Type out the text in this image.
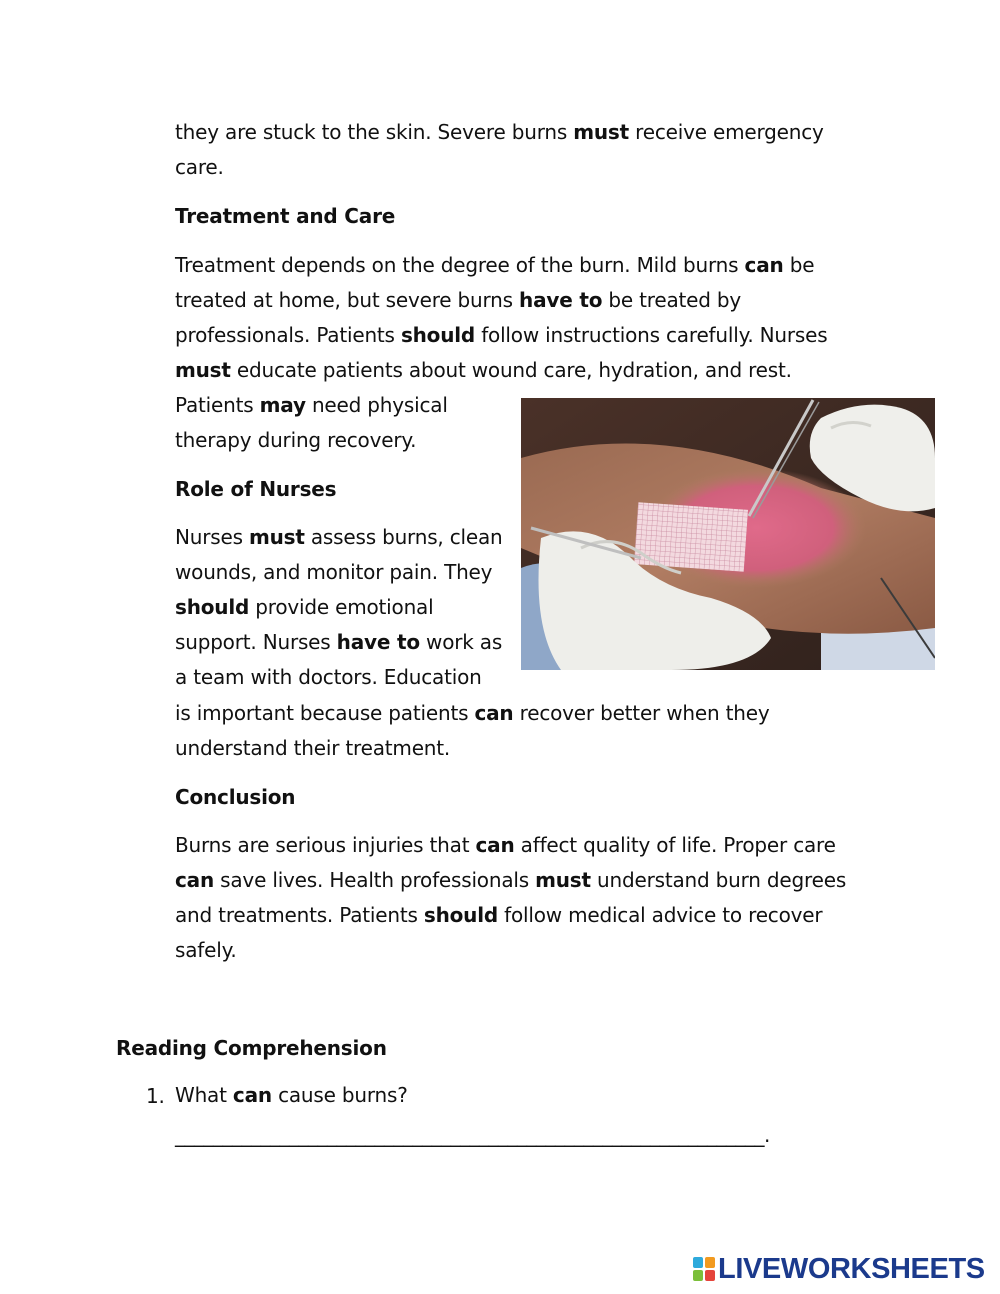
they are stuck to the skin. Severe burns must receive emergency care.

Treatment and Care

Treatment depends on the degree of the burn. Mild burns can be treated at home, but severe burns have to be treated by professionals. Patients should follow instructions carefully. Nurses must educate patients about wound care, hydration, and rest.

Patients may need physical therapy during recovery.

Role of Nurses

Nurses must assess burns, clean wounds, and monitor pain. They should provide emotional support. Nurses have to work as a team with doctors. Education

is important because patients can recover better when they understand their treatment.

Conclusion

Burns are serious injuries that can affect quality of life. Proper care can save lives. Health professionals must understand burn degrees and treatments. Patients should follow medical advice to recover safely.

Reading Comprehension

1. What can cause burns?

______________________________________________________________.
LIVEWORKSHEETS
